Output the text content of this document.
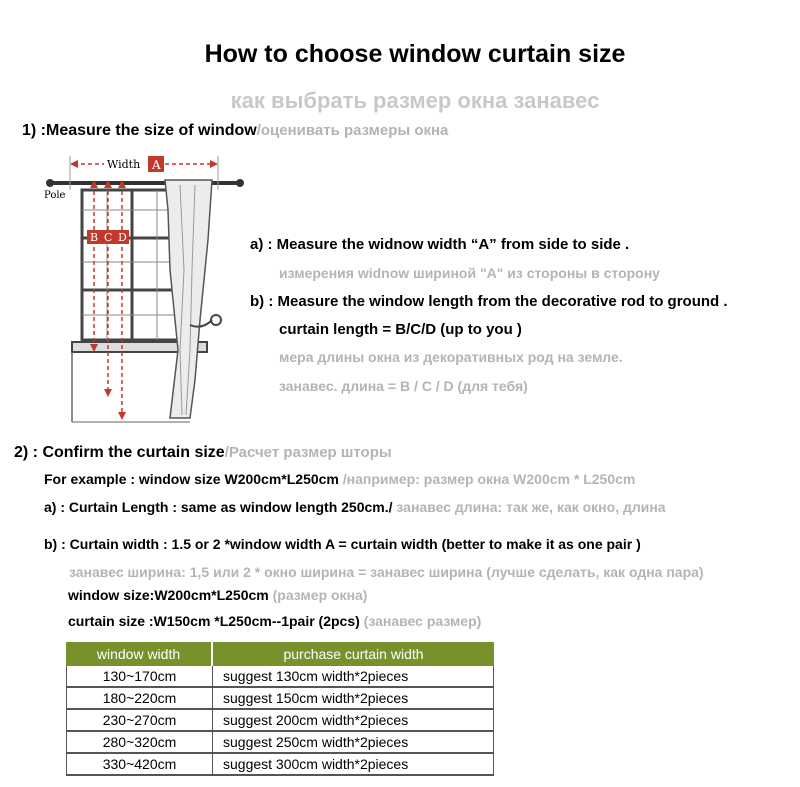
How to choose window curtain size
как выбрать размер окна занавес
1) :Measure the size of window/оценивать размеры окна
Width A
Pole
B C D	a) : Measure the widnow width “A” from side to side .
измерения widnow шириной "A" из стороны в сторону
b) : Measure the window length from the decorative rod to ground .
curtain length = B/C/D (up to you )
мера длины окна из декоративных род на земле.
занавес. длина = B / C / D (для тебя)
2) : Confirm the curtain size/Расчет размер шторы
For example : window size W200cm*L250cm /например: размер окна W200cm * L250cm
a) : Curtain Length : same as window length 250cm./ занавес длина: так же, как окно, длина
b) : Curtain width : 1.5 or 2 *window width A = curtain width (better to make it as one pair )
занавес ширина: 1,5 или 2 * окно ширина = занавес ширина (лучше сделать, как одна пара)
window size:W200cm*L250cm (размер окна)
curtain size :W150cm *L250cm--1pair (2pcs) (занавес размер)
window width	purchase curtain width
130~170cm	suggest 130cm width*2pieces
180~220cm	suggest 150cm width*2pieces
230~270cm	suggest 200cm width*2pieces
280~320cm	suggest 250cm width*2pieces
330~420cm	suggest 300cm width*2pieces
